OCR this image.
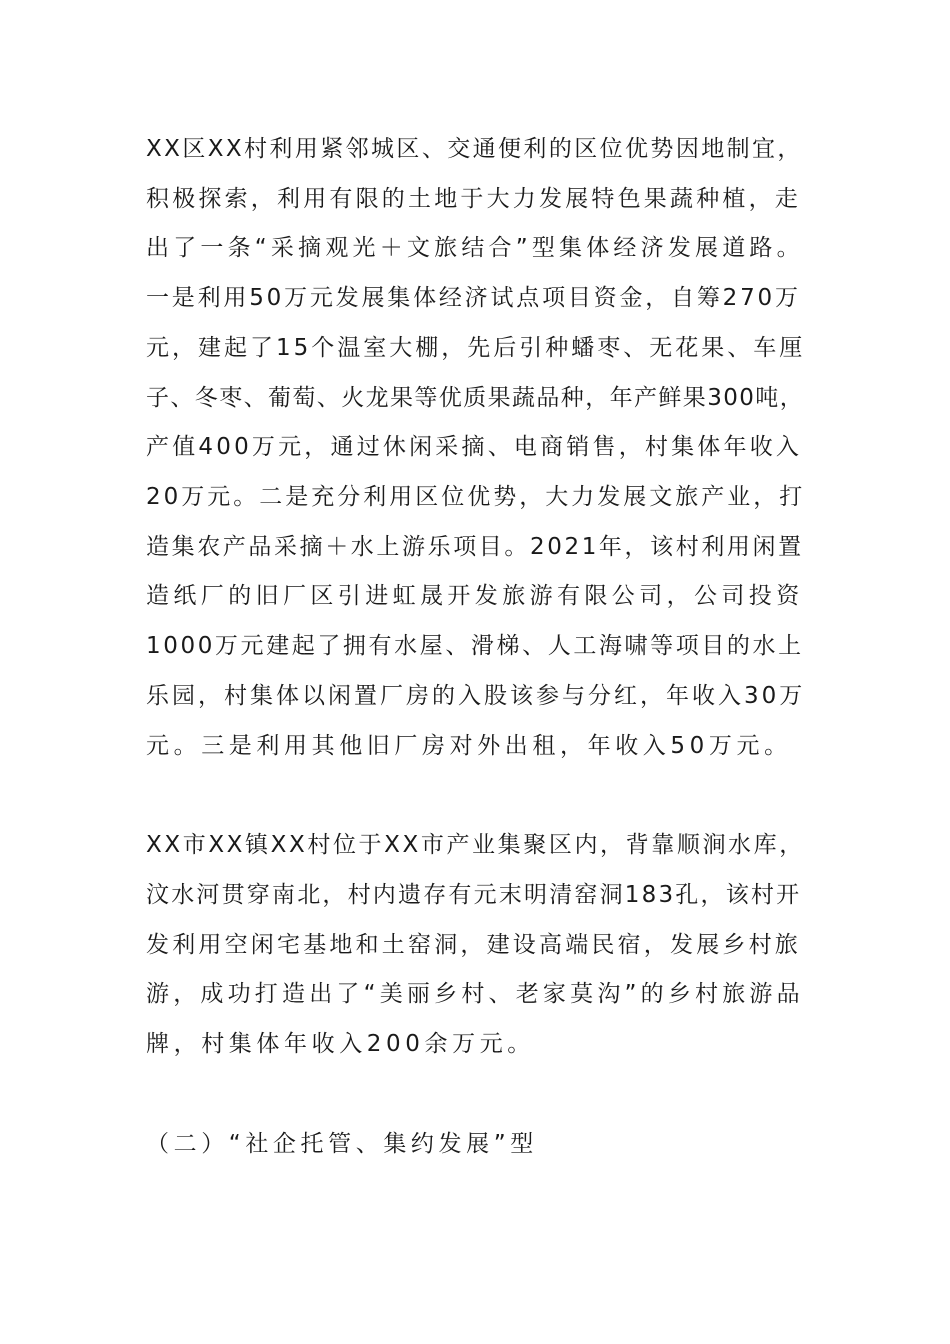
XX区XX村利用紧邻城区、交通便利的区位优势因地制宜，
积极探索，利用有限的土地于大力发展特色果蔬种植，走
出了一条“采摘观光＋文旅结合”型集体经济发展道路。
一是利用50万元发展集体经济试点项目资金，自筹270万
元，建起了15个温室大棚，先后引种蟠枣、无花果、车厘
子、冬枣、葡萄、火龙果等优质果蔬品种，年产鲜果300吨，
产值400万元，通过休闲采摘、电商销售，村集体年收入
20万元。二是充分利用区位优势，大力发展文旅产业，打
造集农产品采摘＋水上游乐项目。2021年，该村利用闲置
造纸厂的旧厂区引进虹晟开发旅游有限公司，公司投资
1000万元建起了拥有水屋、滑梯、人工海啸等项目的水上
乐园，村集体以闲置厂房的入股该参与分红，年收入30万
元。三是利用其他旧厂房对外出租，年收入50万元。
XX市XX镇XX村位于XX市产业集聚区内，背靠顺涧水库，
汶水河贯穿南北，村内遗存有元末明清窑洞183孔，该村开
发利用空闲宅基地和土窑洞，建设高端民宿，发展乡村旅
游，成功打造出了“美丽乡村、老家莫沟”的乡村旅游品
牌，村集体年收入200余万元。
（二）“社企托管、集约发展”型
